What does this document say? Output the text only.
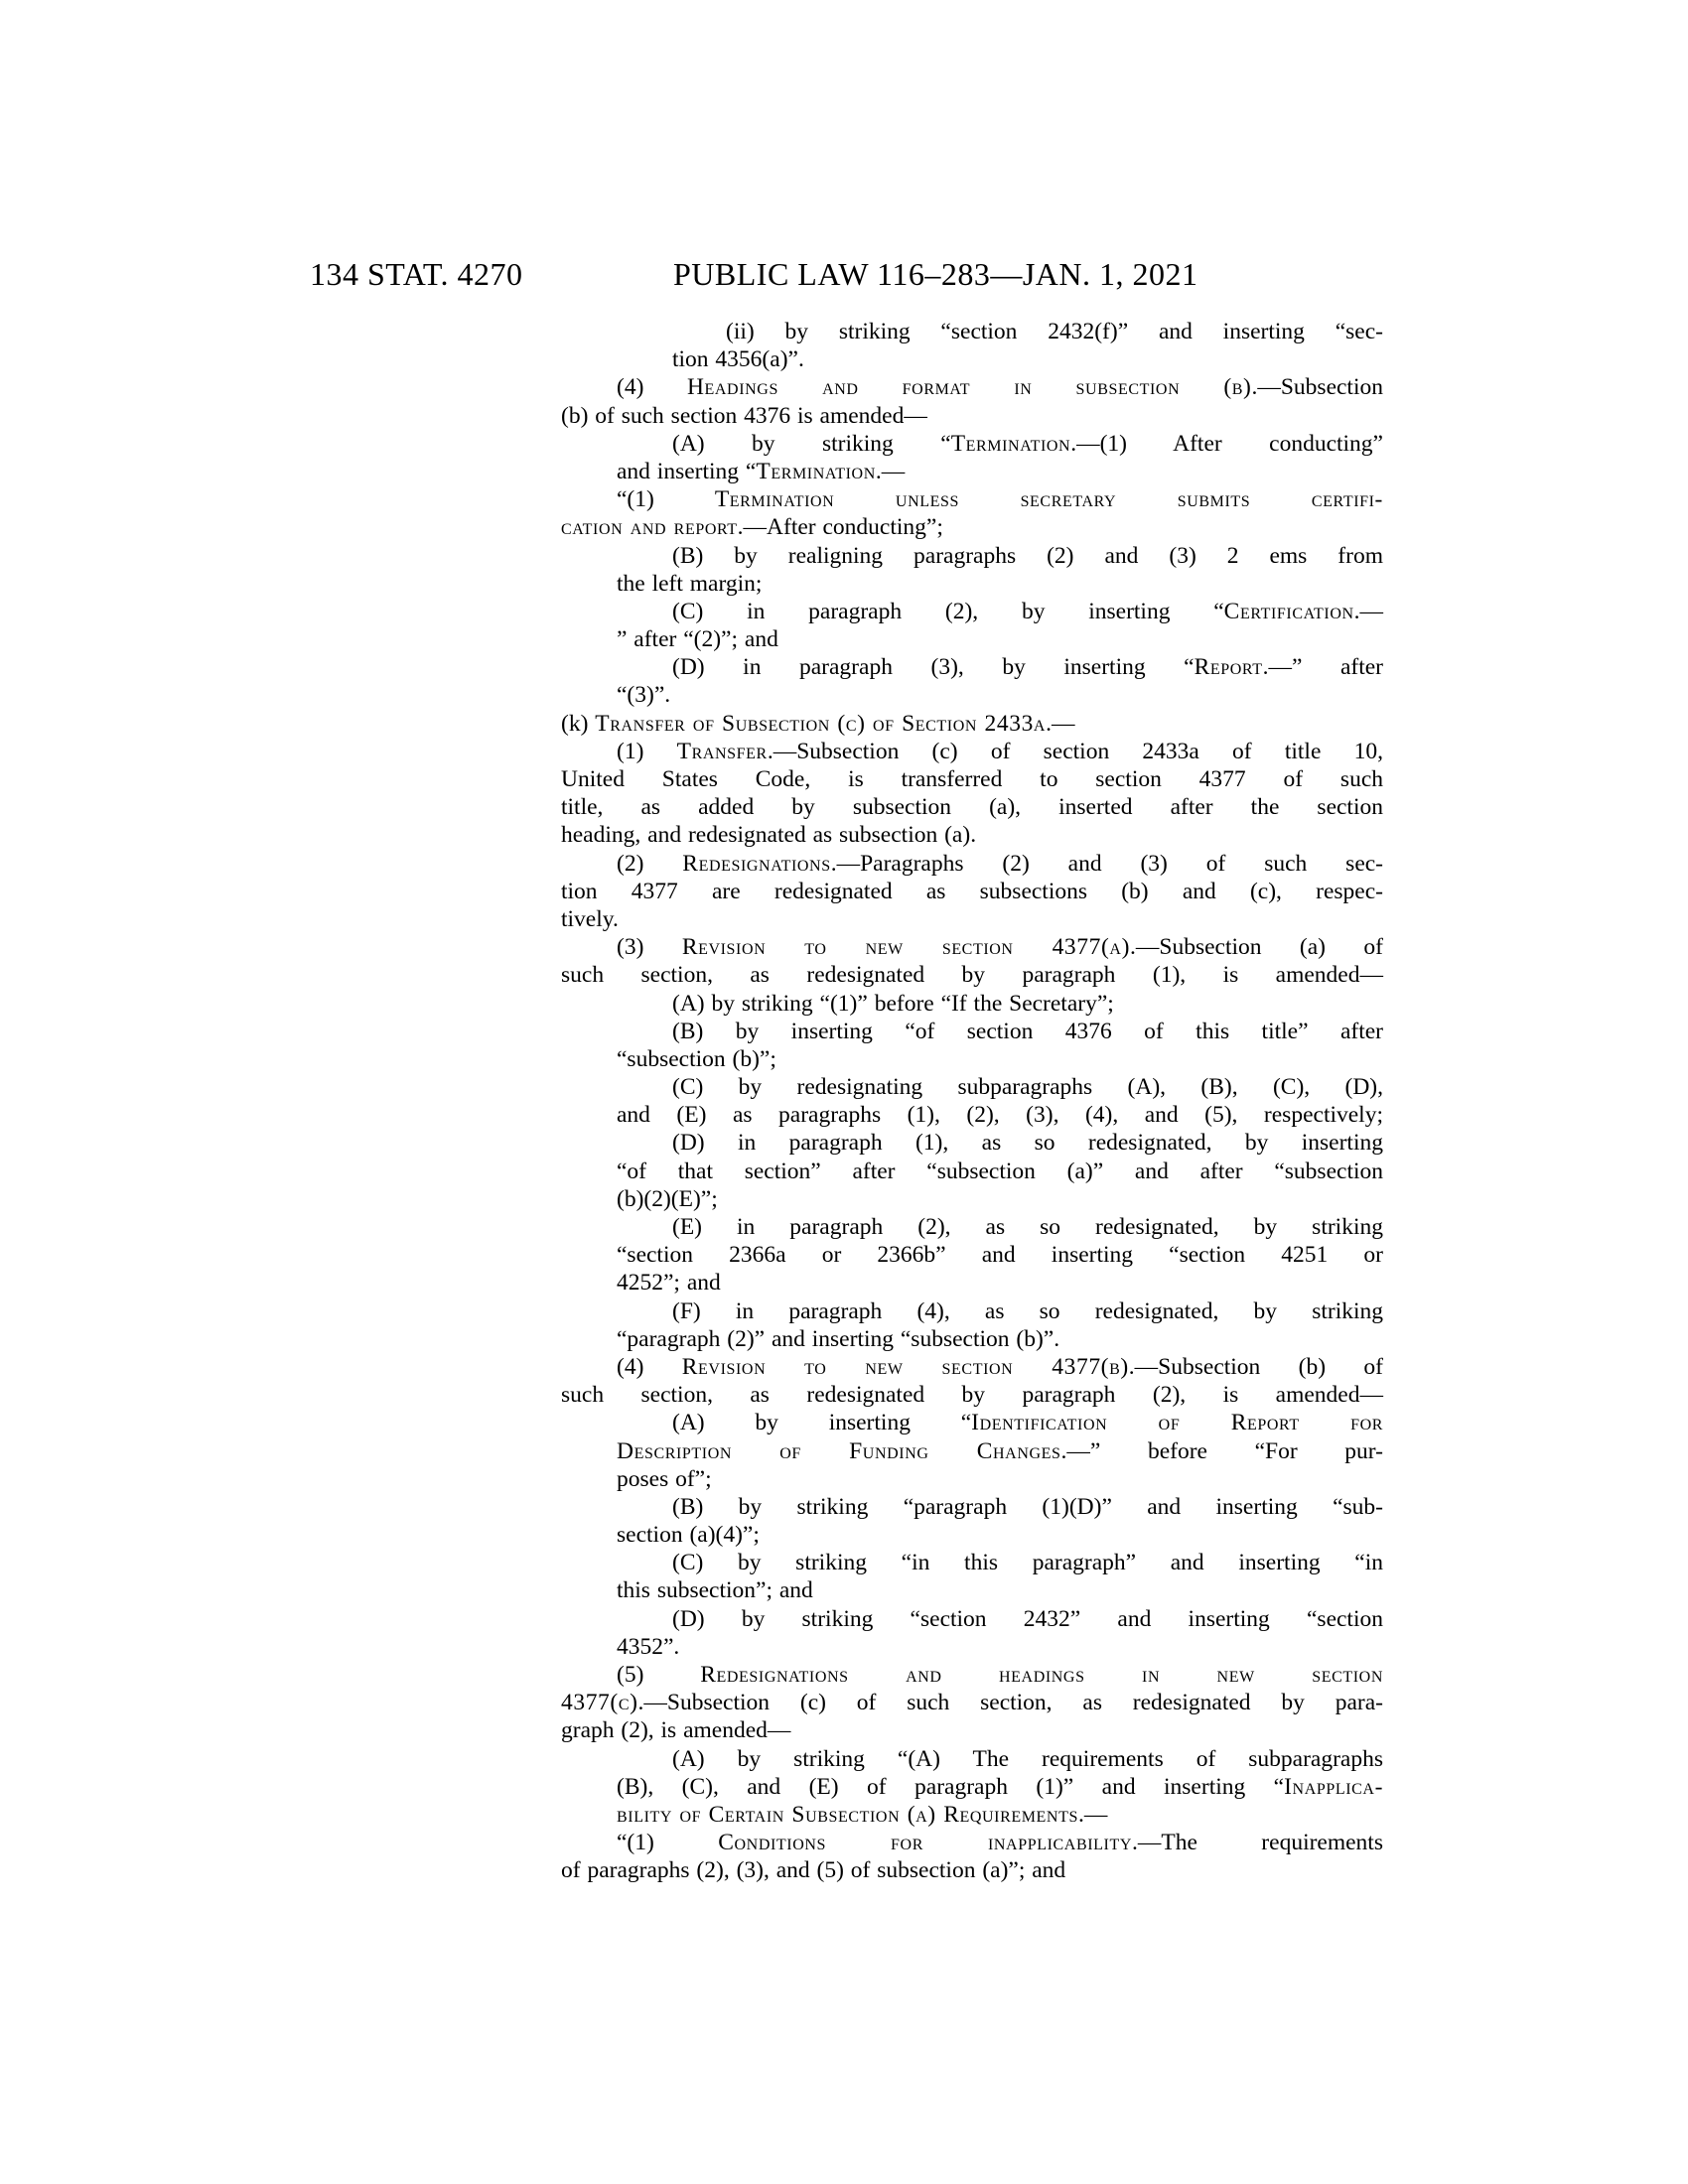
134 STAT. 4270	PUBLIC LAW 116–283—JAN. 1, 2021
(ii) by striking “section 2432(f)” and inserting “sec-
tion 4356(a)”.
(4) Headings and format in subsection (b).—Subsection
(b) of such section 4376 is amended—
(A) by striking “Termination.—(1) After conducting”
and inserting “Termination.—
“(1) Termination unless secretary submits certifi-
cation and report.—After conducting”;
(B) by realigning paragraphs (2) and (3) 2 ems from
the left margin;
(C) in paragraph (2), by inserting “Certification.—
” after “(2)”; and
(D) in paragraph (3), by inserting “Report.—” after
“(3)”.
(k) Transfer of Subsection (c) of Section 2433a.—
(1) Transfer.—Subsection (c) of section 2433a of title 10,
United States Code, is transferred to section 4377 of such
title, as added by subsection (a), inserted after the section
heading, and redesignated as subsection (a).
(2) Redesignations.—Paragraphs (2) and (3) of such sec-
tion 4377 are redesignated as subsections (b) and (c), respec-
tively.
(3) Revision to new section 4377(a).—Subsection (a) of
such section, as redesignated by paragraph (1), is amended—
(A) by striking “(1)” before “If the Secretary”;
(B) by inserting “of section 4376 of this title” after
“subsection (b)”;
(C) by redesignating subparagraphs (A), (B), (C), (D),
and (E) as paragraphs (1), (2), (3), (4), and (5), respectively;
(D) in paragraph (1), as so redesignated, by inserting
“of that section” after “subsection (a)” and after “subsection
(b)(2)(E)”;
(E) in paragraph (2), as so redesignated, by striking
“section 2366a or 2366b” and inserting “section 4251 or
4252”; and
(F) in paragraph (4), as so redesignated, by striking
“paragraph (2)” and inserting “subsection (b)”.
(4) Revision to new section 4377(b).—Subsection (b) of
such section, as redesignated by paragraph (2), is amended—
(A) by inserting “Identification of Report for
Description of Funding Changes.—” before “For pur-
poses of”;
(B) by striking “paragraph (1)(D)” and inserting “sub-
section (a)(4)”;
(C) by striking “in this paragraph” and inserting “in
this subsection”; and
(D) by striking “section 2432” and inserting “section
4352”.
(5) Redesignations and headings in new section
4377(c).—Subsection (c) of such section, as redesignated by para-
graph (2), is amended—
(A) by striking “(A) The requirements of subparagraphs
(B), (C), and (E) of paragraph (1)” and inserting “Inapplica-
bility of Certain Subsection (a) Requirements.—
“(1) Conditions for inapplicability.—The requirements
of paragraphs (2), (3), and (5) of subsection (a)”; and
